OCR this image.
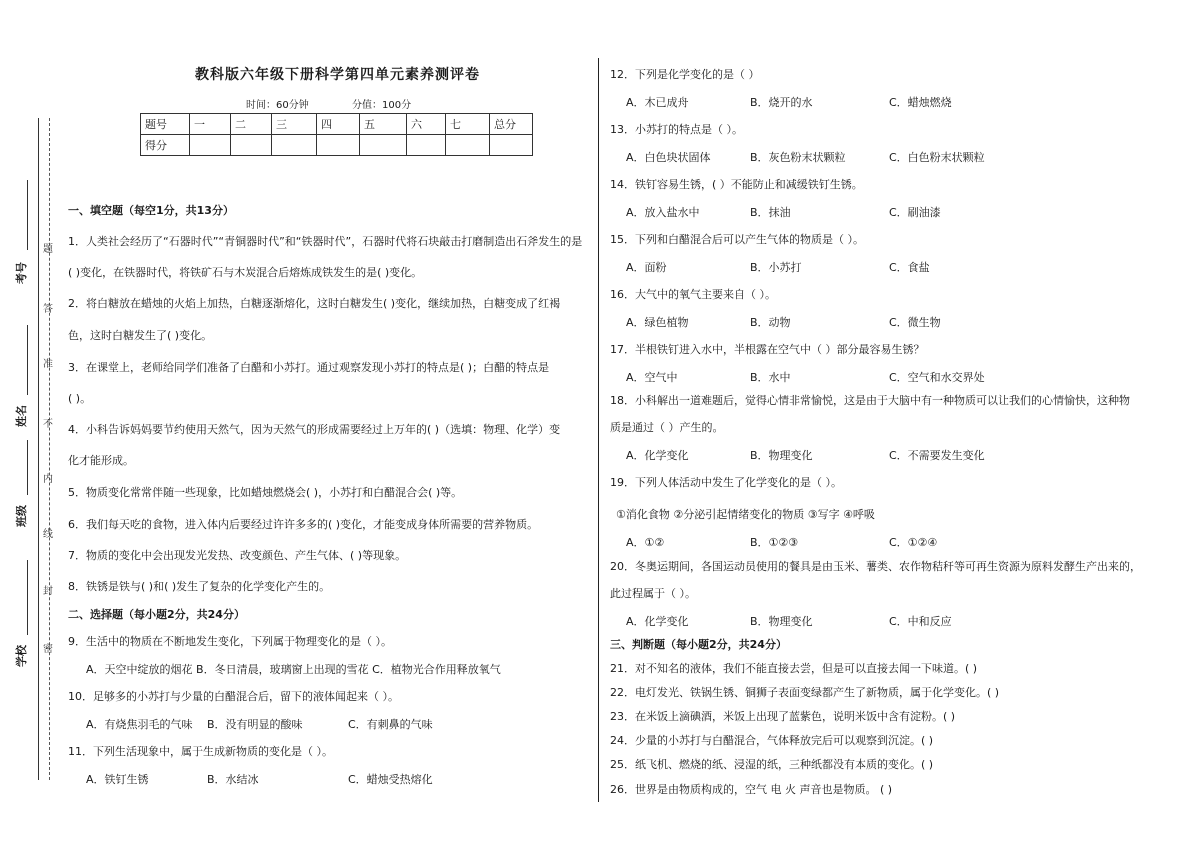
考号
姓名
班级
学校
题
答
准
不
内
线
封
密
教科版六年级下册科学第四单元素养测评卷
时间：60分钟	分值：100分
题号	一	二	三	四	五	六	七	总分
得分								
一、填空题（每空1分，共13分）
1．人类社会经历了“石器时代”“青铜器时代”和“铁器时代”，石器时代将石块敲击打磨制造出石斧发生的是
( )变化，在铁器时代，将铁矿石与木炭混合后熔炼成铁发生的是( )变化。
2．将白糖放在蜡烛的火焰上加热，白糖逐渐熔化，这时白糖发生( )变化，继续加热，白糖变成了红褐
色，这时白糖发生了( )变化。
3．在课堂上，老师给同学们准备了白醋和小苏打。通过观察发现小苏打的特点是( )；白醋的特点是
( )。
4．小科告诉妈妈要节约使用天然气，因为天然气的形成需要经过上万年的( )（选填：物理、化学）变
化才能形成。
5．物质变化常常伴随一些现象，比如蜡烛燃烧会( )，小苏打和白醋混合会( )等。
6．我们每天吃的食物，进入体内后要经过许许多多的( )变化，才能变成身体所需要的营养物质。
7．物质的变化中会出现发光发热、改变颜色、产生气体、( )等现象。
8．铁锈是铁与( )和( )发生了复杂的化学变化产生的。
二、选择题（每小题2分，共24分）
9．生活中的物质在不断地发生变化，下列属于物理变化的是（ ）。
A．天空中绽放的烟花 B．冬日清晨，玻璃窗上出现的雪花 C．植物光合作用释放氧气
10．足够多的小苏打与少量的白醋混合后，留下的液体闻起来（ ）。
A．有烧焦羽毛的气味 B．没有明显的酸味	C．有刺鼻的气味
11．下列生活现象中，属于生成新物质的变化是（ ）。
A．铁钉生锈	B．水结冰	C．蜡烛受热熔化
12．下列是化学变化的是（ ）
A．木已成舟	B．烧开的水	C．蜡烛燃烧
13．小苏打的特点是（ ）。
A．白色块状固体	B．灰色粉末状颗粒	C．白色粉末状颗粒
14．铁钉容易生锈，( ）不能防止和减缓铁钉生锈。
A．放入盐水中	B．抹油	C．刷油漆
15．下列和白醋混合后可以产生气体的物质是（ ）。
A．面粉	B．小苏打	C．食盐
16．大气中的氧气主要来自（ ）。
A．绿色植物	B．动物	C．微生物
17．半根铁钉进入水中，半根露在空气中（ ）部分最容易生锈？
A．空气中	B．水中	C．空气和水交界处
18．小科解出一道难题后，觉得心情非常愉悦，这是由于大脑中有一种物质可以让我们的心情愉快，这种物
质是通过（ ）产生的。
A．化学变化	B．物理变化	C．不需要发生变化
19．下列人体活动中发生了化学变化的是（ ）。
①消化食物 ②分泌引起情绪变化的物质 ③写字 ④呼吸
A．①②	B．①②③	C．①②④
20．冬奥运期间，各国运动员使用的餐具是由玉米、薯类、农作物秸秆等可再生资源为原料发酵生产出来的，
此过程属于（ ）。
A．化学变化	B．物理变化	C．中和反应
三、判断题（每小题2分，共24分）
21．对不知名的液体，我们不能直接去尝，但是可以直接去闻一下味道。( )
22．电灯发光、铁锅生锈、铜狮子表面变绿都产生了新物质，属于化学变化。( )
23．在米饭上滴碘酒，米饭上出现了蓝紫色，说明米饭中含有淀粉。( )
24．少量的小苏打与白醋混合，气体释放完后可以观察到沉淀。( )
25．纸飞机、燃烧的纸、浸湿的纸，三种纸都没有本质的变化。( )
26．世界是由物质构成的，空气 电 火 声音也是物质。 ( )
